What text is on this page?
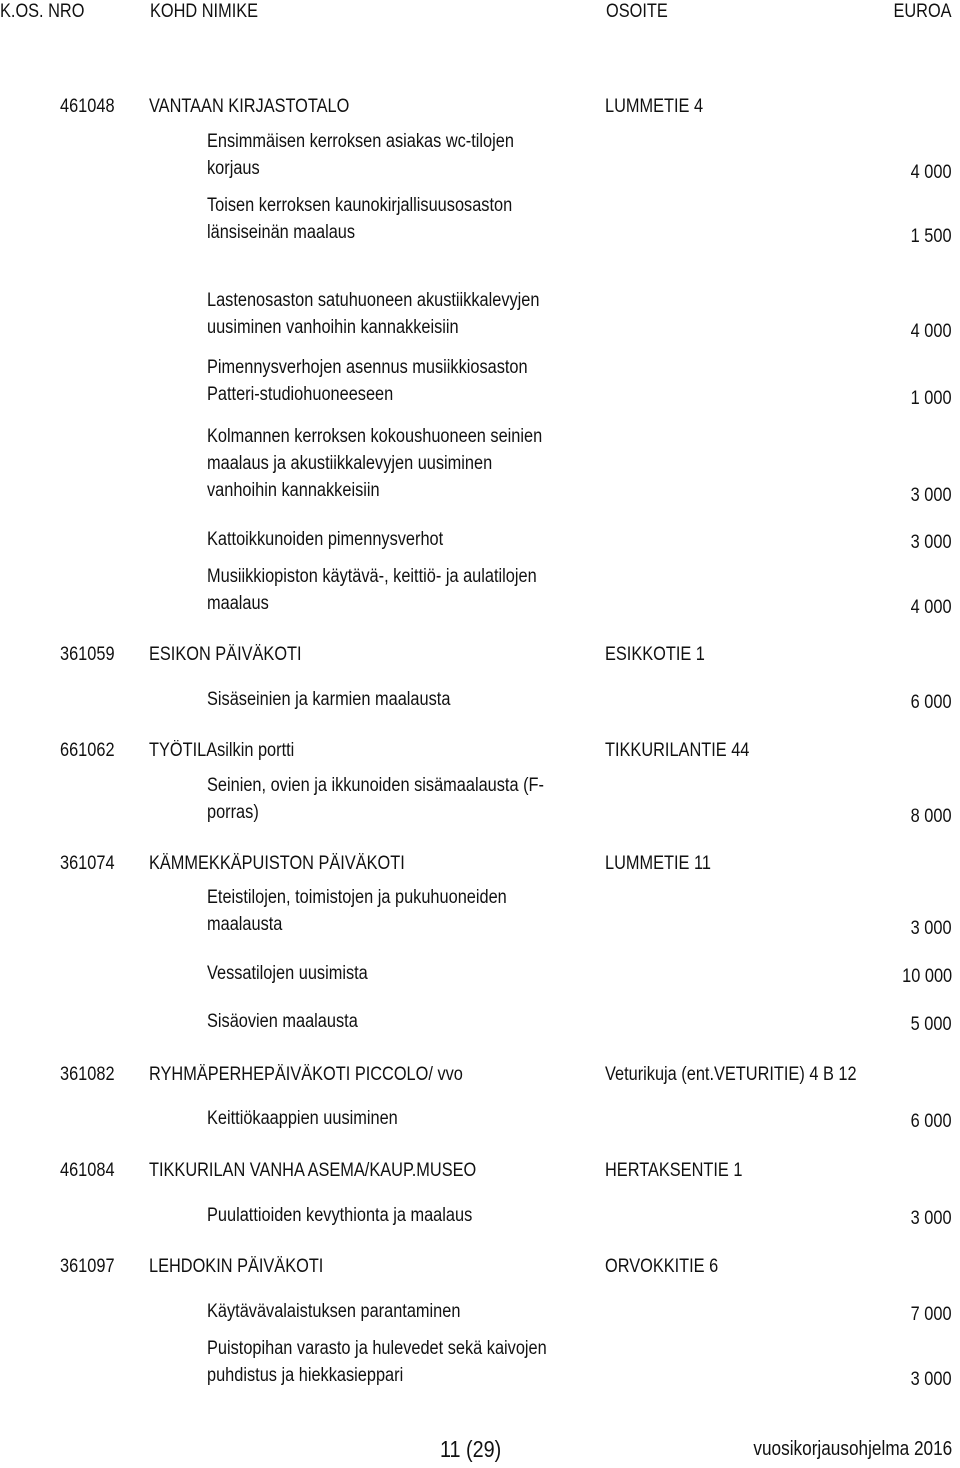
K.OS. NRO	KOHD NIMIKE	OSOITE	EUROA
461048	VANTAAN KIRJASTOTALO	LUMMETIE 4
Ensimmäisen kerroksen asiakas wc-tilojen
korjaus	4 000
Toisen kerroksen kaunokirjallisuusosaston
länsiseinän maalaus	1 500
Lastenosaston satuhuoneen akustiikkalevyjen
uusiminen vanhoihin kannakkeisiin	4 000
Pimennysverhojen asennus musiikkiosaston
Patteri-studiohuoneeseen	1 000
Kolmannen kerroksen kokoushuoneen seinien
maalaus ja akustiikkalevyjen uusiminen
vanhoihin kannakkeisiin	3 000
Kattoikkunoiden pimennysverhot	3 000
Musiikkiopiston käytävä-, keittiö- ja aulatilojen
maalaus	4 000
361059	ESIKON PÄIVÄKOTI	ESIKKOTIE 1
Sisäseinien ja karmien maalausta	6 000
661062	TYÖTILAsilkin portti	TIKKURILANTIE 44
Seinien, ovien ja ikkunoiden sisämaalausta (F-
porras)	8 000
361074	KÄMMEKKÄPUISTON PÄIVÄKOTI	LUMMETIE 11
Eteistilojen, toimistojen ja pukuhuoneiden
maalausta	3 000
Vessatilojen uusimista	10 000
Sisäovien maalausta	5 000
361082	RYHMÄPERHEPÄIVÄKOTI PICCOLO/ vvo	Veturikuja (ent.VETURITIE) 4 B 12
Keittiökaappien uusiminen	6 000
461084	TIKKURILAN VANHA ASEMA/KAUP.MUSEO	HERTAKSENTIE 1
Puulattioiden kevythionta ja maalaus	3 000
361097	LEHDOKIN PÄIVÄKOTI	ORVOKKITIE 6
Käytävävalaistuksen parantaminen	7 000
Puistopihan varasto ja hulevedet sekä kaivojen
puhdistus ja hiekkasieppari	3 000
11 (29)	vuosikorjausohjelma 2016
